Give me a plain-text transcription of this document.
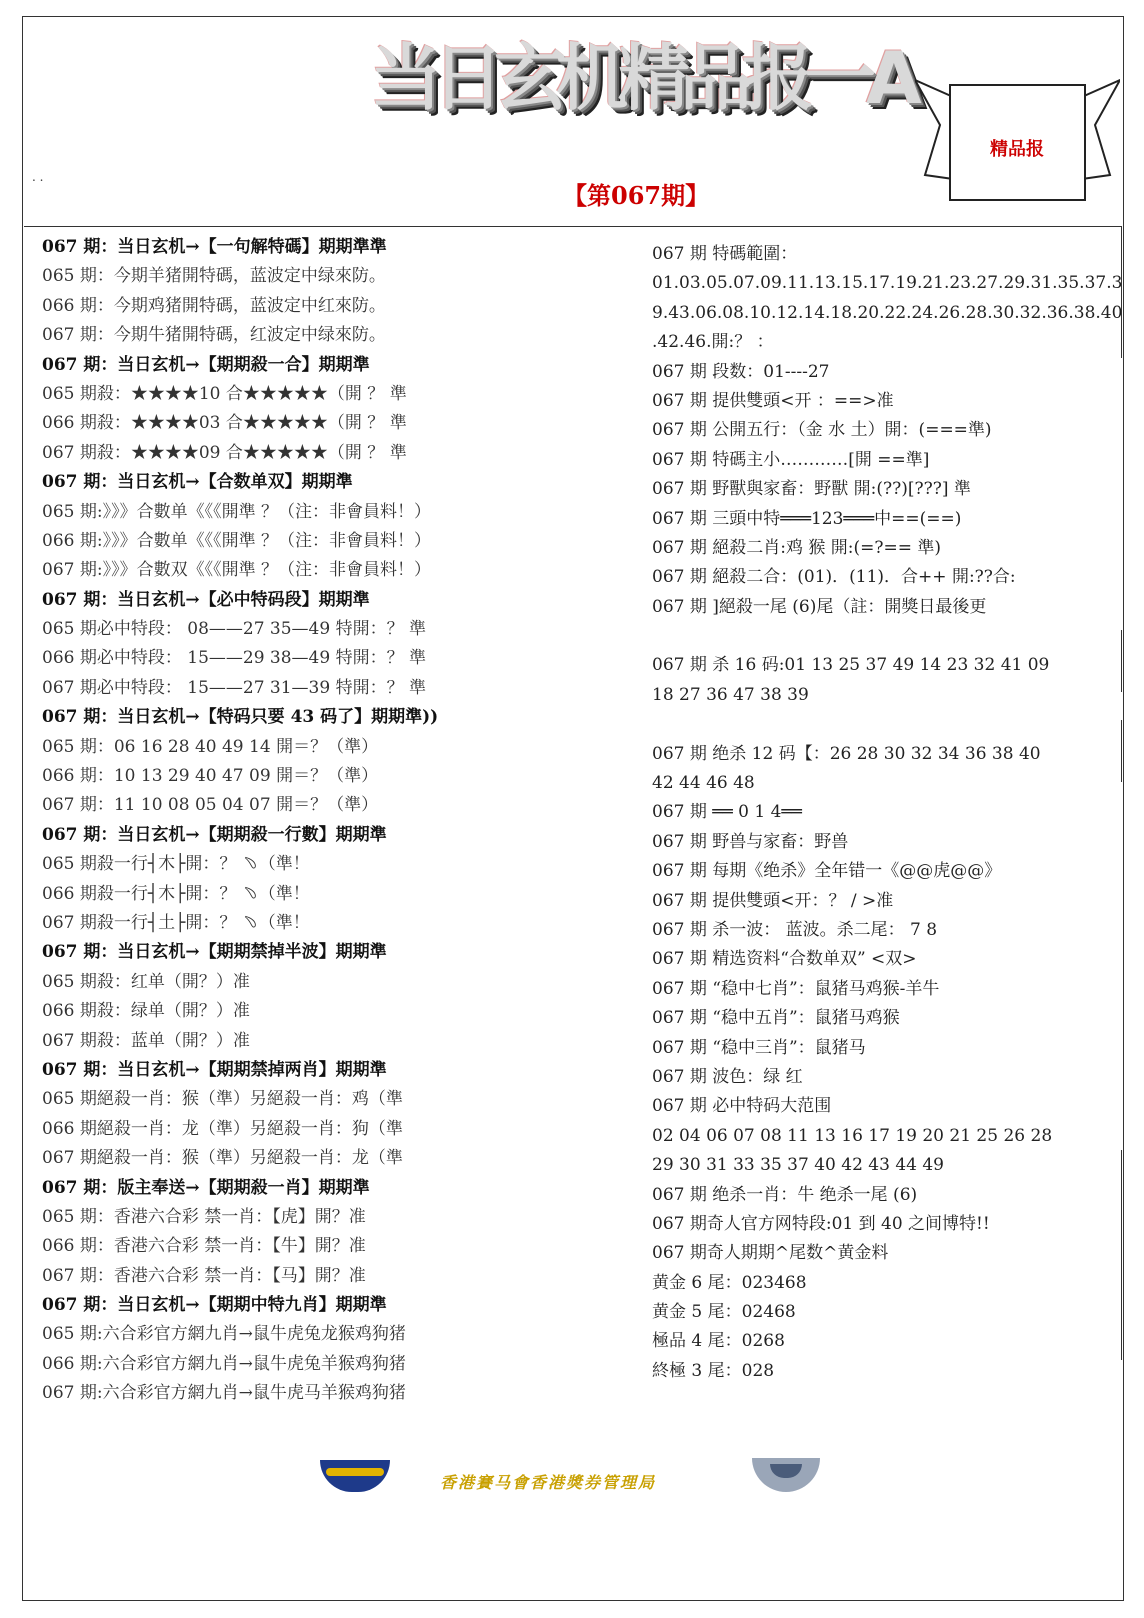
当日玄机精品报一A
精品报
. .
【第067期】
067 期：当日玄机→【一句解特碼】期期準準
065 期：今期羊猪開特碼，蓝波定中绿來防。
066 期：今期鸡猪開特碼，蓝波定中红來防。
067 期：今期牛猪開特碼，红波定中绿來防。
067 期：当日玄机→【期期殺一合】期期準
065 期殺：★★★★10 合★★★★★（開 ？ 準
066 期殺：★★★★03 合★★★★★（開 ？ 準
067 期殺：★★★★09 合★★★★★（開 ？ 準
067 期：当日玄机→【合数单双】期期準
065 期:》》》合數单《《《開準 ？（注：非會員料！）
066 期:》》》合數单《《《開準 ？（注：非會員料！）
067 期:》》》合數双《《《開準 ？（注：非會員料！）
067 期：当日玄机→【必中特码段】期期準
065 期必中特段： 08——27 35—49 特開：？ 準
066 期必中特段： 15——29 38—49 特開：？ 準
067 期必中特段： 15——27 31—39 特開：？ 準
067 期：当日玄机→【特码只要 43 码了】期期準))
065 期：06 16 28 40 49 14 開＝？（準）
066 期：10 13 29 40 47 09 開＝？（準）
067 期：11 10 08 05 04 07 開＝？（準）
067 期：当日玄机→【期期殺一行數】期期準
065 期殺一行┤木├開：？ ﹆（準！
066 期殺一行┤木├開：？ ﹆（準！
067 期殺一行┤土├開：？ ﹆（準！
067 期：当日玄机→【期期禁掉半波】期期準
065 期殺：红单（開？）准
066 期殺：绿单（開？）准
067 期殺：蓝单（開？）准
067 期：当日玄机→【期期禁掉两肖】期期準
065 期絕殺一肖：猴（準）另絕殺一肖：鸡（準
066 期絕殺一肖：龙（準）另絕殺一肖：狗（準
067 期絕殺一肖：猴（準）另絕殺一肖：龙（準
067 期：版主奉送→【期期殺一肖】期期準
065 期：香港六合彩 禁一肖：【虎】開？准
066 期：香港六合彩 禁一肖：【牛】開？准
067 期：香港六合彩 禁一肖：【马】開？准
067 期：当日玄机→【期期中特九肖】期期準
065 期:六合彩官方網九肖→鼠牛虎兔龙猴鸡狗猪
066 期:六合彩官方網九肖→鼠牛虎兔羊猴鸡狗猪
067 期:六合彩官方網九肖→鼠牛虎马羊猴鸡狗猪
067 期 特碼範圍：
01.03.05.07.09.11.13.15.17.19.21.23.27.29.31.35.37.3
9.43.06.08.10.12.14.18.20.22.24.26.28.30.32.36.38.40
.42.46.開:？ ：
067 期 段数：01----27
067 期 提供雙頭<开 ：==>准
067 期 公開五行：（金 水 土）開：(===準)
067 期 特碼主小…………[開 ==準]
067 期 野獸與家畜：野獸 開:(??)[???] 準
067 期 三頭中特═══123═══中==(==)
067 期 絕殺二肖:鸡 猴 開:(=?== 準)
067 期 絕殺二合：(01)．(11)．合++ 開:??合:
067 期 ]絕殺一尾 (6)尾（註：開獎日最後更
067 期 杀 16 码:01 13 25 37 49 14 23 32 41 09
18 27 36 47 38 39
067 期 绝杀 12 码【：26 28 30 32 34 36 38 40
42 44 46 48
067 期 ══ 0 1 4══
067 期 野兽与家畜：野兽
067 期 每期《绝杀》全年错一《@@虎@@》
067 期 提供雙頭<开：？ / >准
067 期 杀一波： 蓝波。杀二尾： 7 8
067 期 精选资料“合数单双” <双>
067 期 “稳中七肖”：鼠猪马鸡猴-羊牛
067 期 “稳中五肖”：鼠猪马鸡猴
067 期 “稳中三肖”：鼠猪马
067 期 波色：绿 红
067 期 必中特码大范围
02 04 06 07 08 11 13 16 17 19 20 21 25 26 28
29 30 31 33 35 37 40 42 43 44 49
067 期 绝杀一肖：牛 绝杀一尾 (6)
067 期奇人官方网特段:01 到 40 之间博特!!
067 期奇人期期^尾数^黄金料
黄金 6 尾：023468
黄金 5 尾：02468
極品 4 尾：0268
終極 3 尾：028
香港賽马會香港獎券管理局
